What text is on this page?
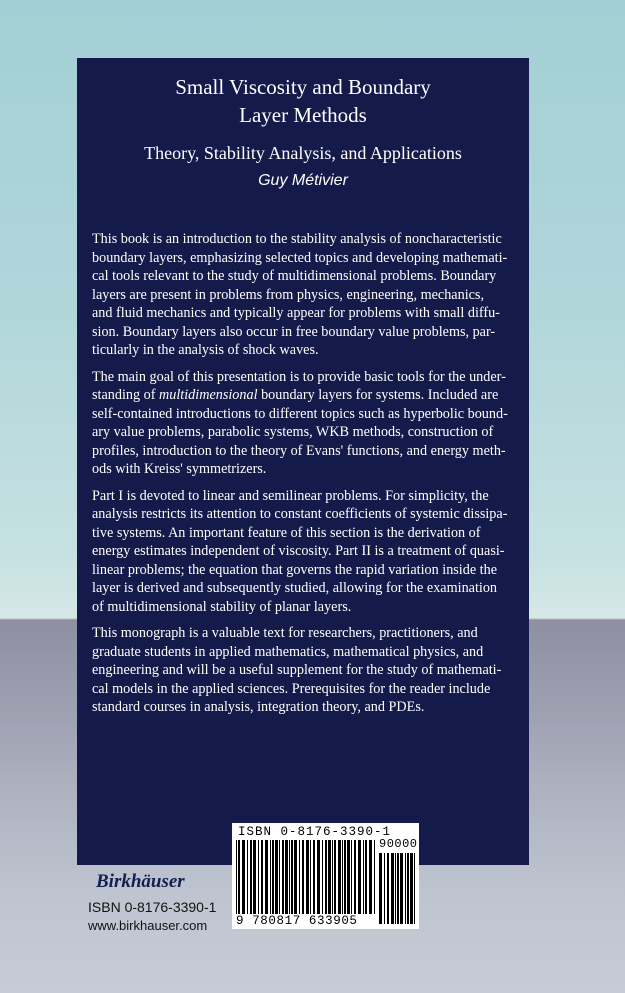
Small Viscosity and Boundary
Layer Methods
Theory, Stability Analysis, and Applications
Guy Métivier

This book is an introduction to the stability analysis of noncharacteristic
boundary layers, emphasizing selected topics and developing mathemati-
cal tools relevant to the study of multidimensional problems. Boundary
layers are present in problems from physics, engineering, mechanics,
and fluid mechanics and typically appear for problems with small diffu-
sion. Boundary layers also occur in free boundary value problems, par-
ticularly in the analysis of shock waves.

The main goal of this presentation is to provide basic tools for the under-
standing of multidimensional boundary layers for systems. Included are
self-contained introductions to different topics such as hyperbolic bound-
ary value problems, parabolic systems, WKB methods, construction of
profiles, introduction to the theory of Evans' functions, and energy meth-
ods with Kreiss' symmetrizers.

Part I is devoted to linear and semilinear problems. For simplicity, the
analysis restricts its attention to constant coefficients of systemic dissipa-
tive systems. An important feature of this section is the derivation of
energy estimates independent of viscosity. Part II is a treatment of quasi-
linear problems; the equation that governs the rapid variation inside the
layer is derived and subsequently studied, allowing for the examination
of multidimensional stability of planar layers.

This monograph is a valuable text for researchers, practitioners, and
graduate students in applied mathematics, mathematical physics, and
engineering and will be a useful supplement for the study of mathemati-
cal models in the applied sciences. Prerequisites for the reader include
standard courses in analysis, integration theory, and PDEs.

ISBN 0-8176-3390-1
90000
9 780817 633905
Birkhäuser
ISBN 0-8176-3390-1
www.birkhauser.com
